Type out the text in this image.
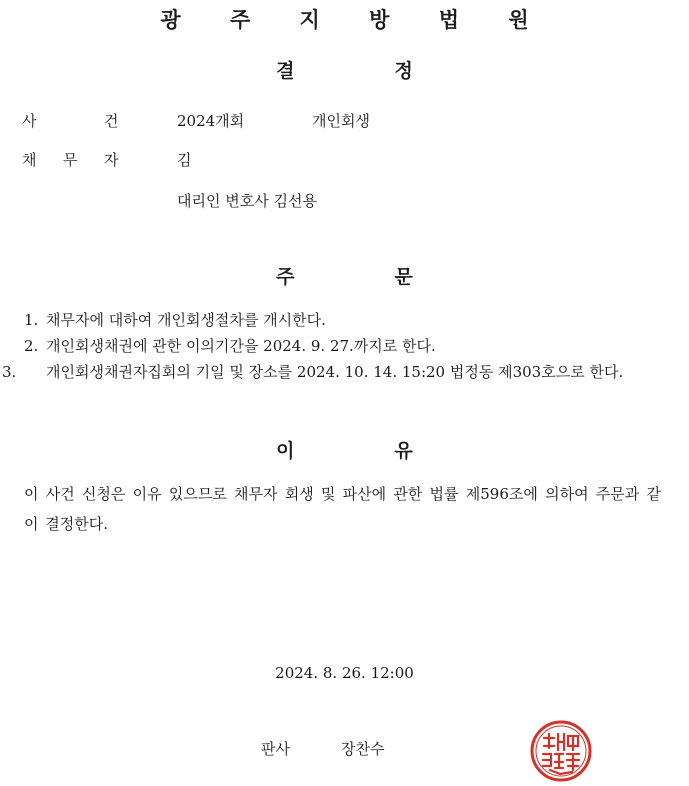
광 주 지 방 법 원
결	정
사	건	2024개회	개인회생
채 무 자	김
대리인 변호사 김선용
주	문
1. 채무자에 대하여 개인회생절차를 개시한다.
2. 개인회생채권에 관한 이의기간을 2024. 9. 27.까지로 한다.
3. 개인회생채권자집회의 기일 및 장소를 2024. 10. 14. 15:20 법정동 제303호으로 한다.
이	유
이 사건 신청은 이유 있으므로 채무자 회생 및 파산에 관한 법률 제596조에 의하여 주문과 같이 결정한다.
2024. 8. 26. 12:00
판사	장찬수
